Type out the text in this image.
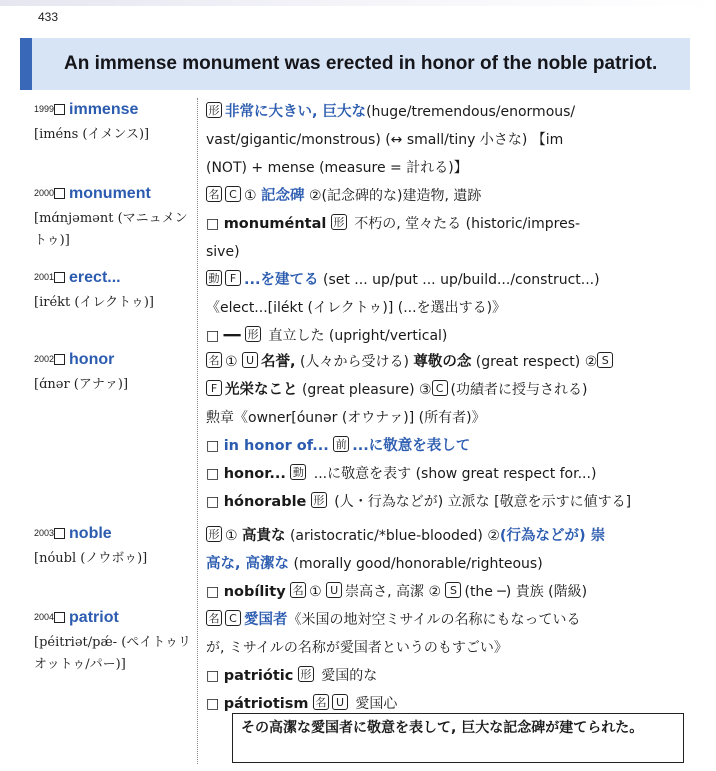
433
An immense monument was erected in honor of the noble patriot.
$^{1999}$ immense
[iméns (イメンス)]
形 非常に大きい, 巨大な(huge/tremendous/enormous/
vast/gigantic/monstrous) (↔ small/tiny 小さな) 【im
(NOT) + mense (measure = 計れる)】
$^{2000}$ monument
[mɑ́njəmənt (マニュメントゥ)]
名 C ① 記念碑 ②(記念碑的な)建造物, 遺跡
□ monuméntal 形 不朽の, 堂々たる (historic/impres-
sive)
$^{2001}$ erect...
[irékt (イレクトゥ)]
動 F ...を建てる (set ... up/put ... up/build.../construct...)
《elect...[ilékt (イレクトゥ)] (...を選出する)》
□ ━━ 形 直立した (upright/vertical)
$^{2002}$ honor
[ɑ́nər (アナァ)]
名 ① U 名誉, (人々から受ける) 尊敬の念 (great respect) ② S
F 光栄なこと (great pleasure) ③ C (功績者に授与される)
勲章《owner[óunər (オウナァ)] (所有者)》
□ in honor of... 前 ...に敬意を表して
□ honor... 動 ...に敬意を表す (show great respect for...)
□ hónorable 形 (人・行為などが) 立派な [敬意を示すに値する]
$^{2003}$ noble
[nóubl (ノウボゥ)]
形 ① 高貴な (aristocratic/*blue-blooded) ②(行為などが) 崇
高な, 高潔な (morally good/honorable/righteous)
□ nobílity 名 ① U 崇高さ, 高潔 ② S (the ─) 貴族 (階級)
$^{2004}$ patriot
[péitriət/pǽ- (ペイトゥリオットゥ/パー)]
名 C 愛国者《米国の地対空ミサイルの名称にもなっている
が, ミサイルの名称が愛国者というのもすごい》
□ patriótic 形 愛国的な
□ pátriotism 名 U 愛国心
その高潔な愛国者に敬意を表して, 巨大な記念碑が建てられた。
